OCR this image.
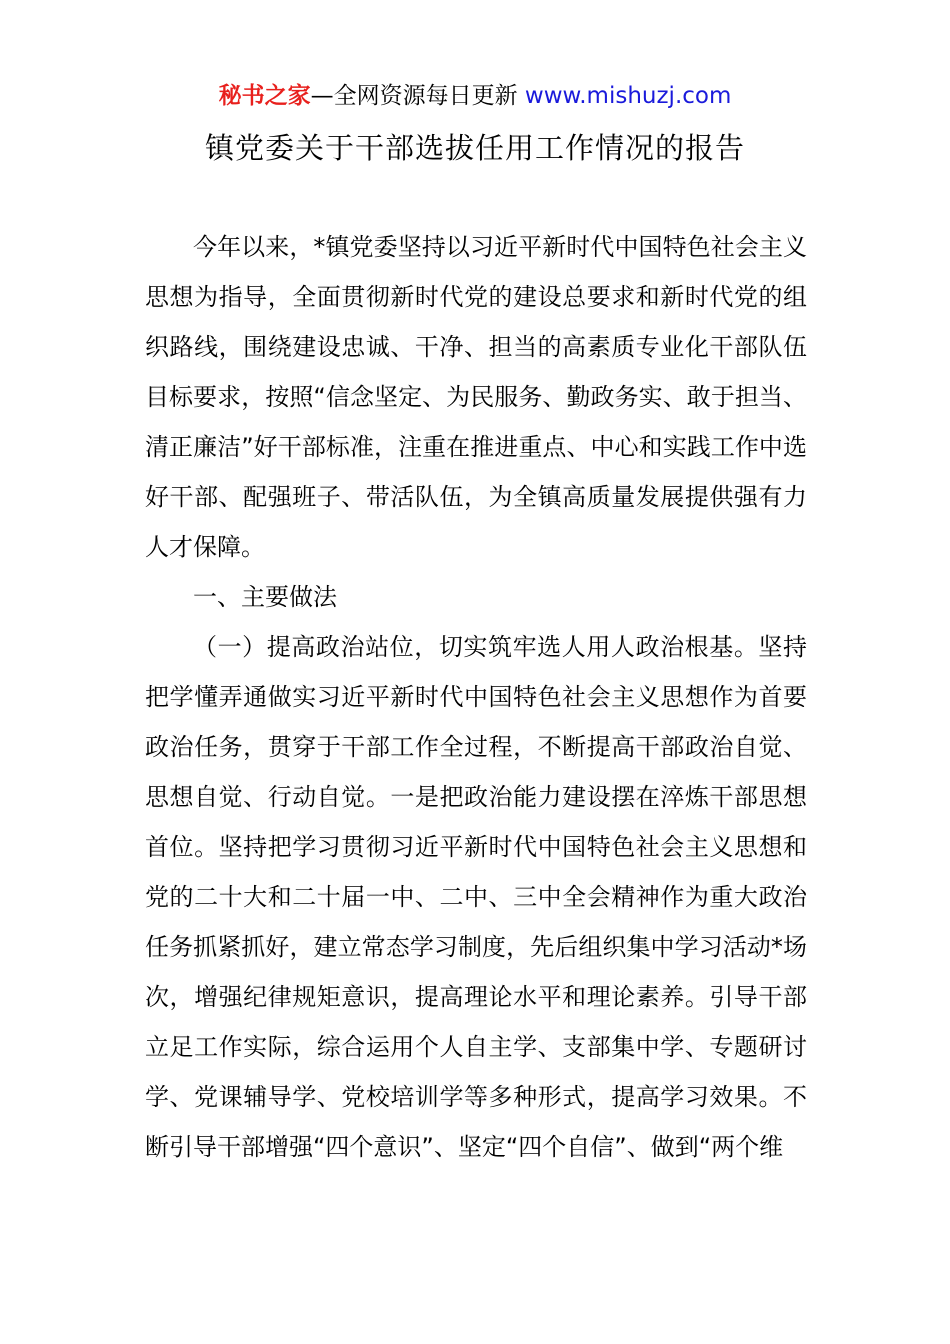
秘书之家—全网资源每日更新 www.mishuzj.com
镇党委关于干部选拔任用工作情况的报告

今年以来，*镇党委坚持以习近平新时代中国特色社会主义思想为指导，全面贯彻新时代党的建设总要求和新时代党的组织路线，围绕建设忠诚、干净、担当的高素质专业化干部队伍目标要求，按照“信念坚定、为民服务、勤政务实、敢于担当、清正廉洁”好干部标准，注重在推进重点、中心和实践工作中选好干部、配强班子、带活队伍，为全镇高质量发展提供强有力人才保障。

一、主要做法

（一）提高政治站位，切实筑牢选人用人政治根基。坚持把学懂弄通做实习近平新时代中国特色社会主义思想作为首要政治任务，贯穿于干部工作全过程，不断提高干部政治自觉、思想自觉、行动自觉。一是把政治能力建设摆在淬炼干部思想首位。坚持把学习贯彻习近平新时代中国特色社会主义思想和党的二十大和二十届一中、二中、三中全会精神作为重大政治任务抓紧抓好，建立常态学习制度，先后组织集中学习活动*场次，增强纪律规矩意识，提高理论水平和理论素养。引导干部立足工作实际，综合运用个人自主学、支部集中学、专题研讨学、党课辅导学、党校培训学等多种形式，提高学习效果。不断引导干部增强“四个意识”、坚定“四个自信”、做到“两个维
